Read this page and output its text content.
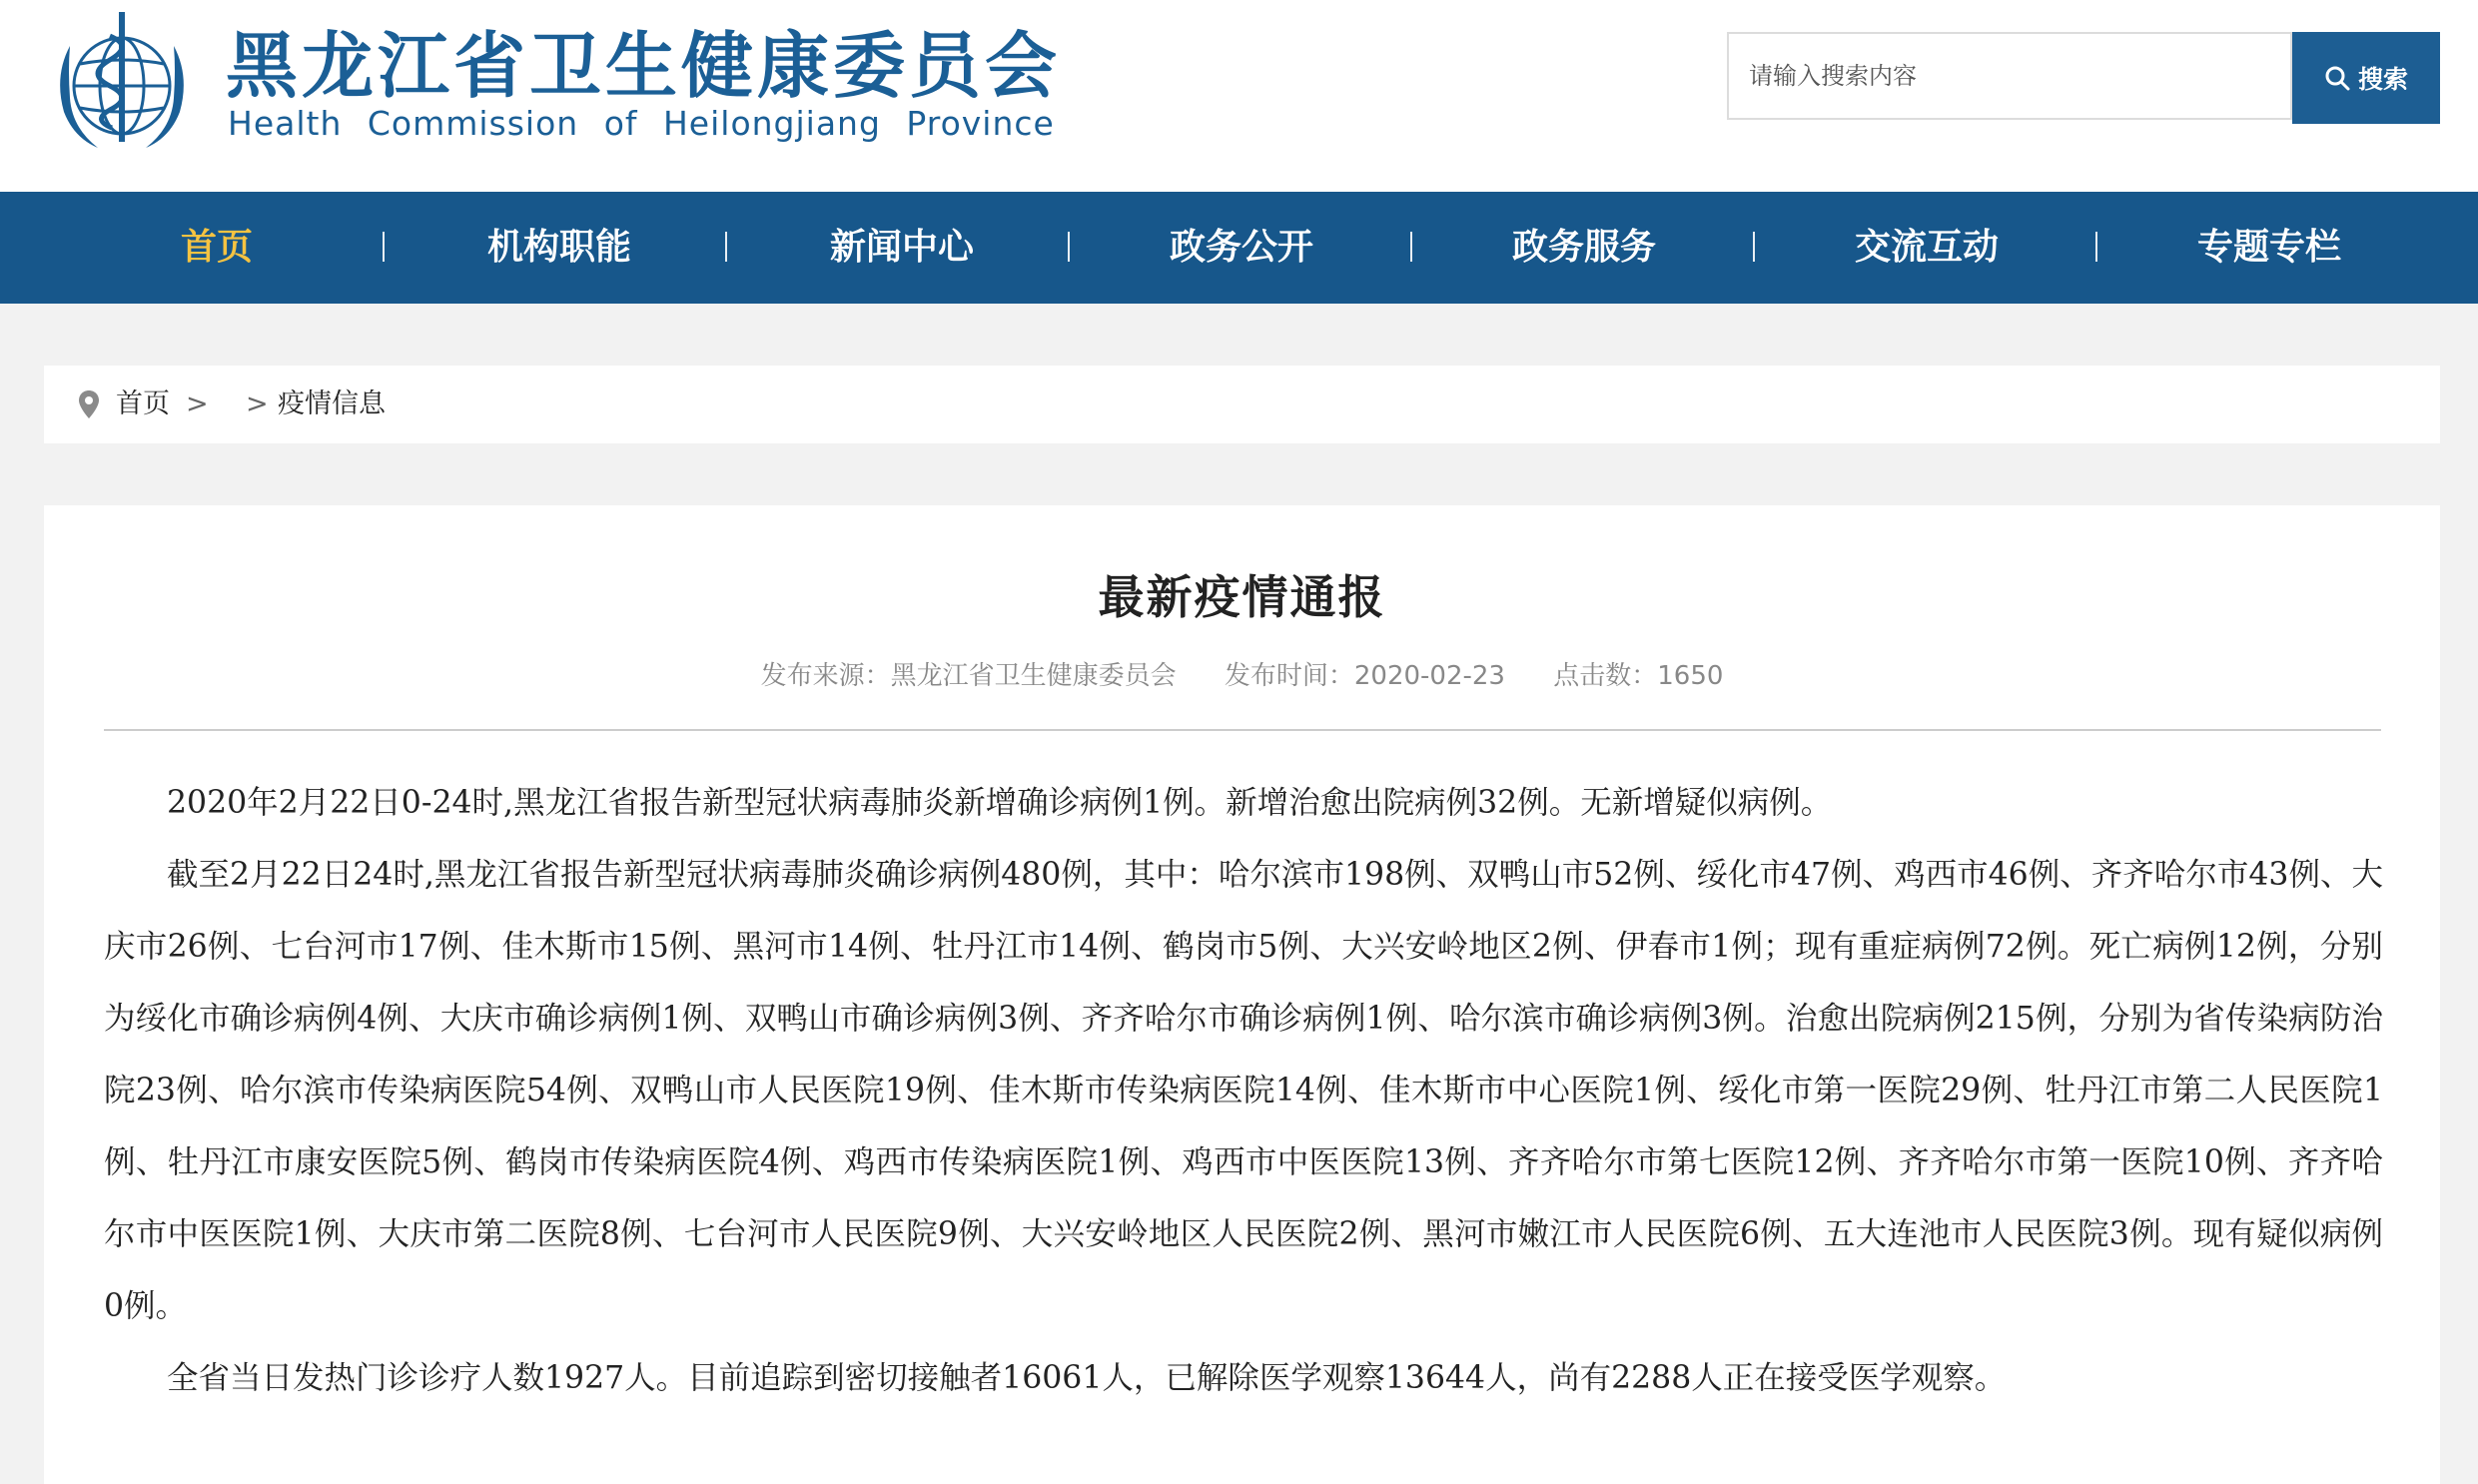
黑龙江省卫生健康委员会
Health Commission of Heilongjiang Province
请输入搜索内容
搜索
首页	机构职能	新闻中心	政务公开	政务服务	交流互动	专题专栏
首页 > > 疫情信息
最新疫情通报
发布来源：黑龙江省卫生健康委员会 发布时间：2020-02-23 点击数：1650

2020年2月22日0-24时,黑龙江省报告新型冠状病毒肺炎新增确诊病例1例。新增治愈出院病例32例。无新增疑似病例。

截至2月22日24时,黑龙江省报告新型冠状病毒肺炎确诊病例480例，其中：哈尔滨市198例、双鸭山市52例、绥化市47例、鸡西市46例、齐齐哈尔市43例、大庆市26例、七台河市17例、佳木斯市15例、黑河市14例、牡丹江市14例、鹤岗市5例、大兴安岭地区2例、伊春市1例；现有重症病例72例。死亡病例12例，分别为绥化市确诊病例4例、大庆市确诊病例1例、双鸭山市确诊病例3例、齐齐哈尔市确诊病例1例、哈尔滨市确诊病例3例。治愈出院病例215例，分别为省传染病防治院23例、哈尔滨市传染病医院54例、双鸭山市人民医院19例、佳木斯市传染病医院14例、佳木斯市中心医院1例、绥化市第一医院29例、牡丹江市第二人民医院1例、牡丹江市康安医院5例、鹤岗市传染病医院4例、鸡西市传染病医院1例、鸡西市中医医院13例、齐齐哈尔市第七医院12例、齐齐哈尔市第一医院10例、齐齐哈尔市中医医院1例、大庆市第二医院8例、七台河市人民医院9例、大兴安岭地区人民医院2例、黑河市嫩江市人民医院6例、五大连池市人民医院3例。现有疑似病例0例。

全省当日发热门诊诊疗人数1927人。目前追踪到密切接触者16061人，已解除医学观察13644人，尚有2288人正在接受医学观察。
